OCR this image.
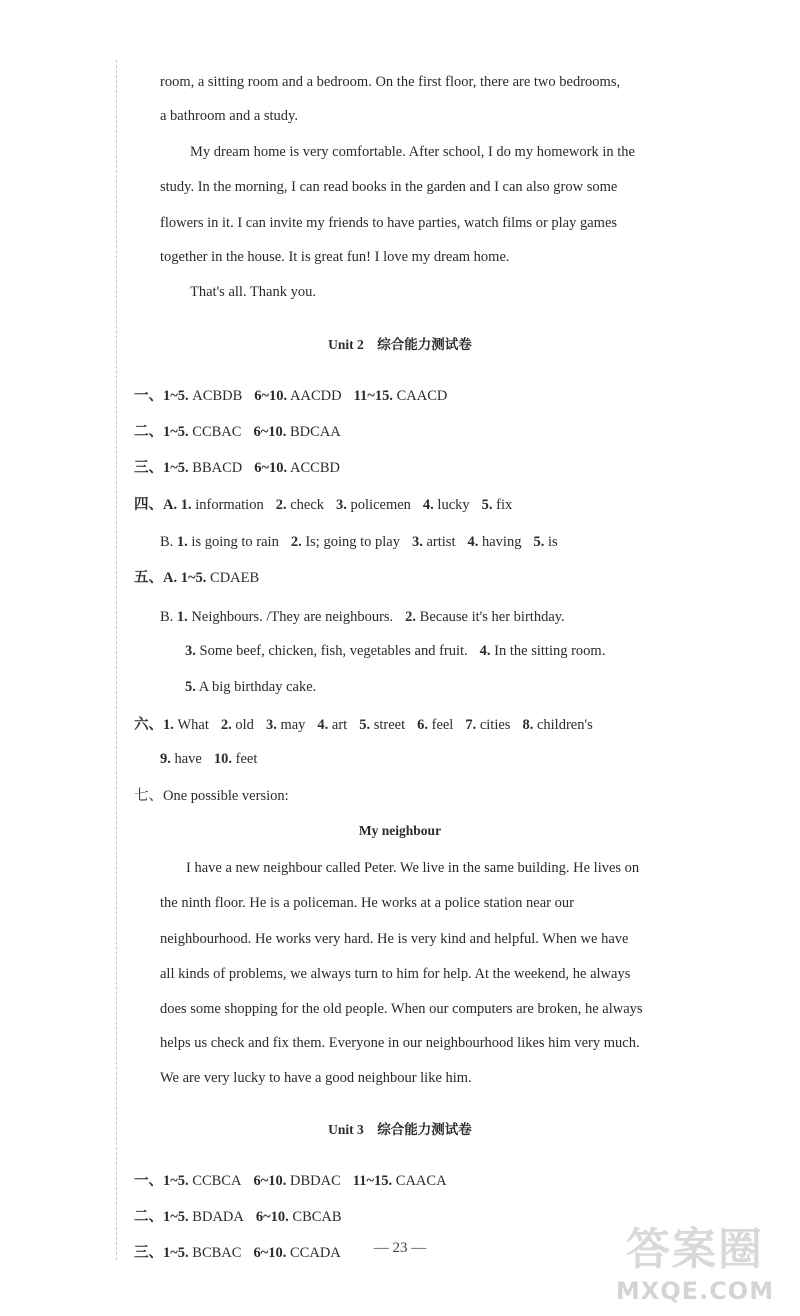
room, a sitting room and a bedroom. On the first floor, there are two bedrooms,
a bathroom and a study.
My dream home is very comfortable. After school, I do my homework in the
study. In the morning, I can read books in the garden and I can also grow some
flowers in it. I can invite my friends to have parties, watch films or play games
together in the house. It is great fun! I love my dream home.
That's all. Thank you.
Unit 2　综合能力测试卷
一、1~5. ACBDB 6~10. AACDD 11~15. CAACD
二、1~5. CCBAC 6~10. BDCAA
三、1~5. BBACD 6~10. ACCBD
四、A. 1. information 2. check 3. policemen 4. lucky 5. fix
B. 1. is going to rain 2. Is; going to play 3. artist 4. having 5. is
五、A. 1~5. CDAEB
B. 1. Neighbours. /They are neighbours. 2. Because it's her birthday.
3. Some beef, chicken, fish, vegetables and fruit. 4. In the sitting room.
5. A big birthday cake.
六、1. What 2. old 3. may 4. art 5. street 6. feel 7. cities 8. children's
9. have 10. feet
七、One possible version:
My neighbour
I have a new neighbour called Peter. We live in the same building. He lives on
the ninth floor. He is a policeman. He works at a police station near our
neighbourhood. He works very hard. He is very kind and helpful. When we have
all kinds of problems, we always turn to him for help. At the weekend, he always
does some shopping for the old people. When our computers are broken, he always
helps us check and fix them. Everyone in our neighbourhood likes him very much.
We are very lucky to have a good neighbour like him.
Unit 3　综合能力测试卷
一、1~5. CCBCA 6~10. DBDAC 11~15. CAACA
二、1~5. BDADA 6~10. CBCAB
三、1~5. BCBAC 6~10. CCADA	— 23 —	答案圈
MXQE.COM
